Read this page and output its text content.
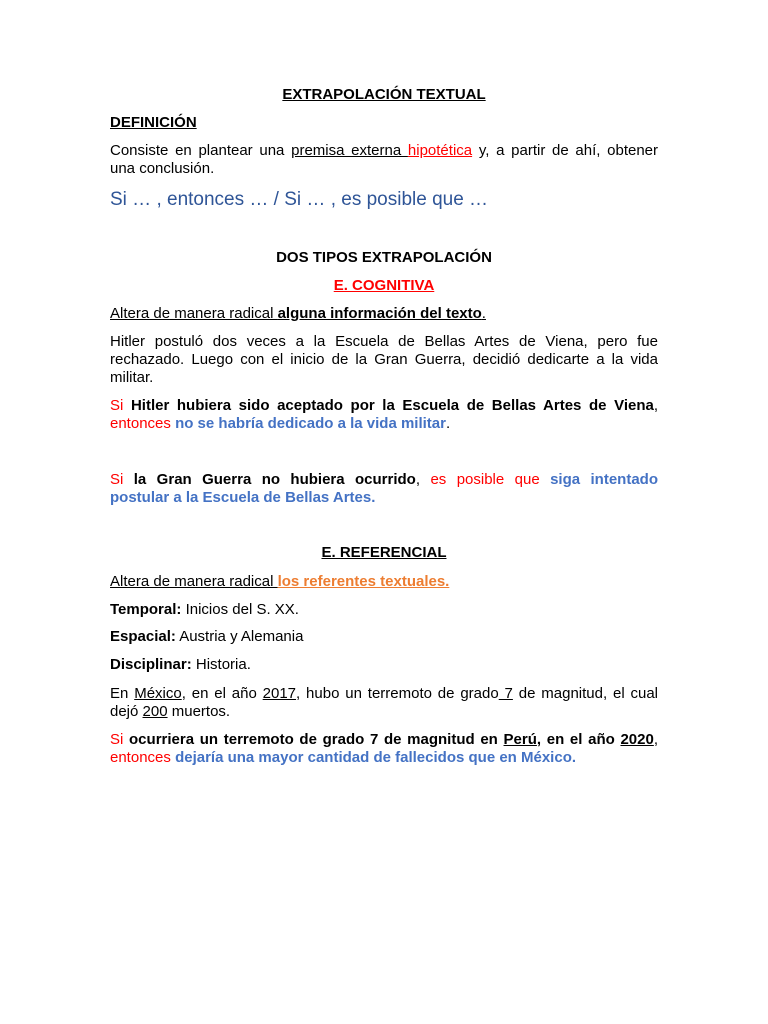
EXTRAPOLACIÓN TEXTUAL
DEFINICIÓN
Consiste en plantear una premisa externa hipotética y, a partir de ahí, obtener
una conclusión.
Si … , entonces … / Si … , es posible que …
DOS TIPOS EXTRAPOLACIÓN
E. COGNITIVA
Altera de manera radical alguna información del texto.
Hitler postuló dos veces a la Escuela de Bellas Artes de Viena, pero fue
rechazado. Luego con el inicio de la Gran Guerra, decidió dedicarte a la vida
militar.
Si Hitler hubiera sido aceptado por la Escuela de Bellas Artes de Viena,
entonces no se habría dedicado a la vida militar.
Si la Gran Guerra no hubiera ocurrido, es posible que siga intentado
postular a la Escuela de Bellas Artes.
E. REFERENCIAL
Altera de manera radical los referentes textuales.
Temporal: Inicios del S. XX.
Espacial: Austria y Alemania
Disciplinar: Historia.
En México, en el año 2017, hubo un terremoto de grado 7 de magnitud, el cual
dejó 200 muertos.
Si ocurriera un terremoto de grado 7 de magnitud en Perú, en el año 2020,
entonces dejaría una mayor cantidad de fallecidos que en México.
